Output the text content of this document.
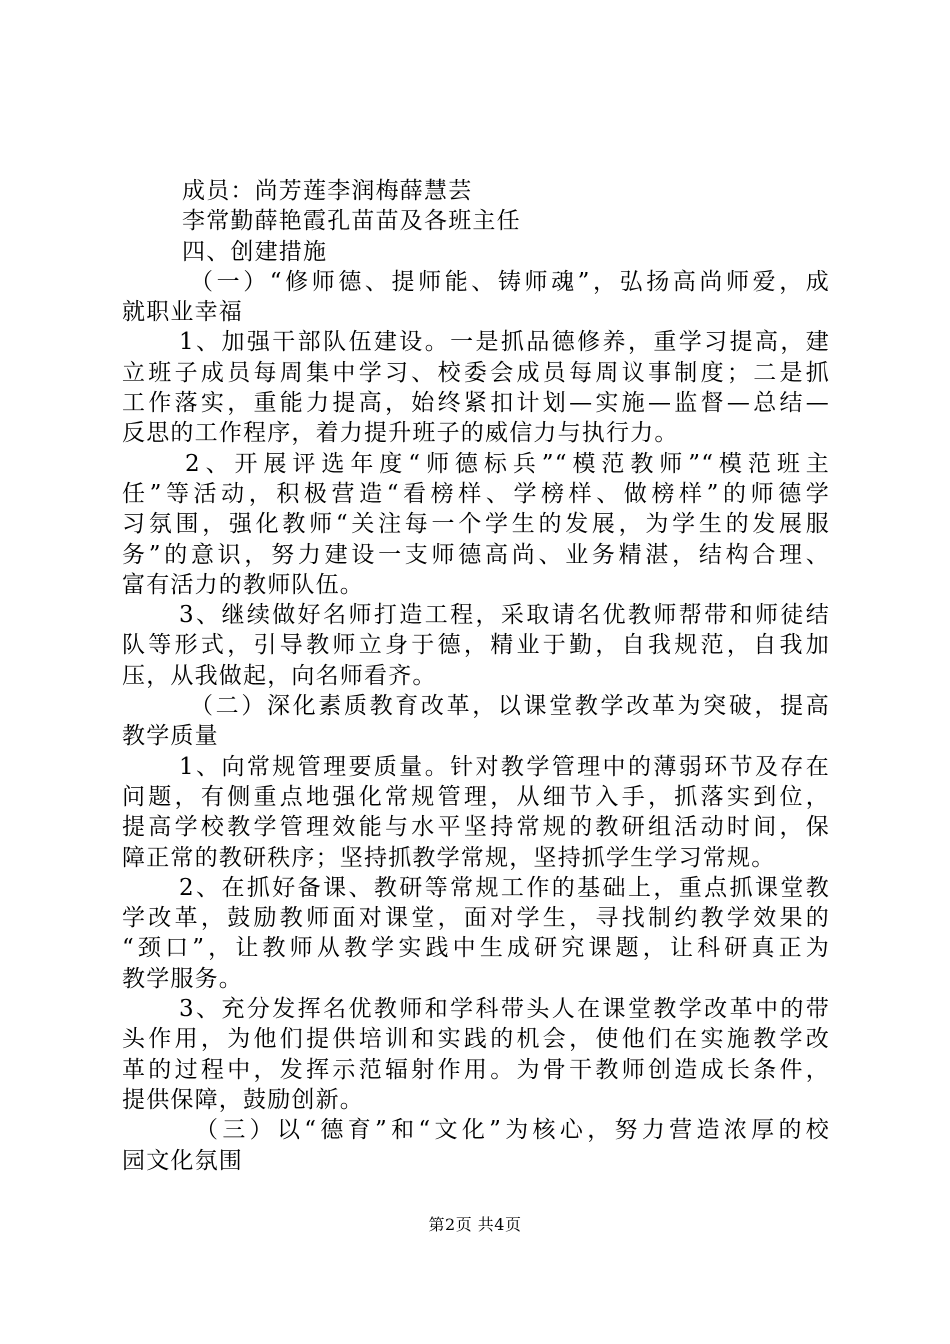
成员：尚芳莲李润梅薛慧芸
李常勤薛艳霞孔苗苗及各班主任
四、创建措施
（一）“修师德、提师能、铸师魂”，弘扬高尚师爱，成
就职业幸福
1、加强干部队伍建设。一是抓品德修养，重学习提高，建
立班子成员每周集中学习、校委会成员每周议事制度；二是抓
工作落实，重能力提高，始终紧扣计划—实施—监督—总结—
反思的工作程序，着力提升班子的威信力与执行力。
2、开展评选年度“师德标兵”“模范教师”“模范班主
任”等活动，积极营造“看榜样、学榜样、做榜样”的师德学
习氛围，强化教师“关注每一个学生的发展，为学生的发展服
务”的意识，努力建设一支师德高尚、业务精湛，结构合理、
富有活力的教师队伍。
3、继续做好名师打造工程，采取请名优教师帮带和师徒结
队等形式，引导教师立身于德，精业于勤，自我规范，自我加
压，从我做起，向名师看齐。
（二）深化素质教育改革，以课堂教学改革为突破，提高
教学质量
1、向常规管理要质量。针对教学管理中的薄弱环节及存在
问题，有侧重点地强化常规管理，从细节入手，抓落实到位，
提高学校教学管理效能与水平坚持常规的教研组活动时间，保
障正常的教研秩序；坚持抓教学常规，坚持抓学生学习常规。
2、在抓好备课、教研等常规工作的基础上，重点抓课堂教
学改革，鼓励教师面对课堂，面对学生，寻找制约教学效果的
“颈口”，让教师从教学实践中生成研究课题，让科研真正为
教学服务。
3、充分发挥名优教师和学科带头人在课堂教学改革中的带
头作用，为他们提供培训和实践的机会，使他们在实施教学改
革的过程中，发挥示范辐射作用。为骨干教师创造成长条件，
提供保障，鼓励创新。
（三）以“德育”和“文化”为核心，努力营造浓厚的校
园文化氛围
第2页 共4页
